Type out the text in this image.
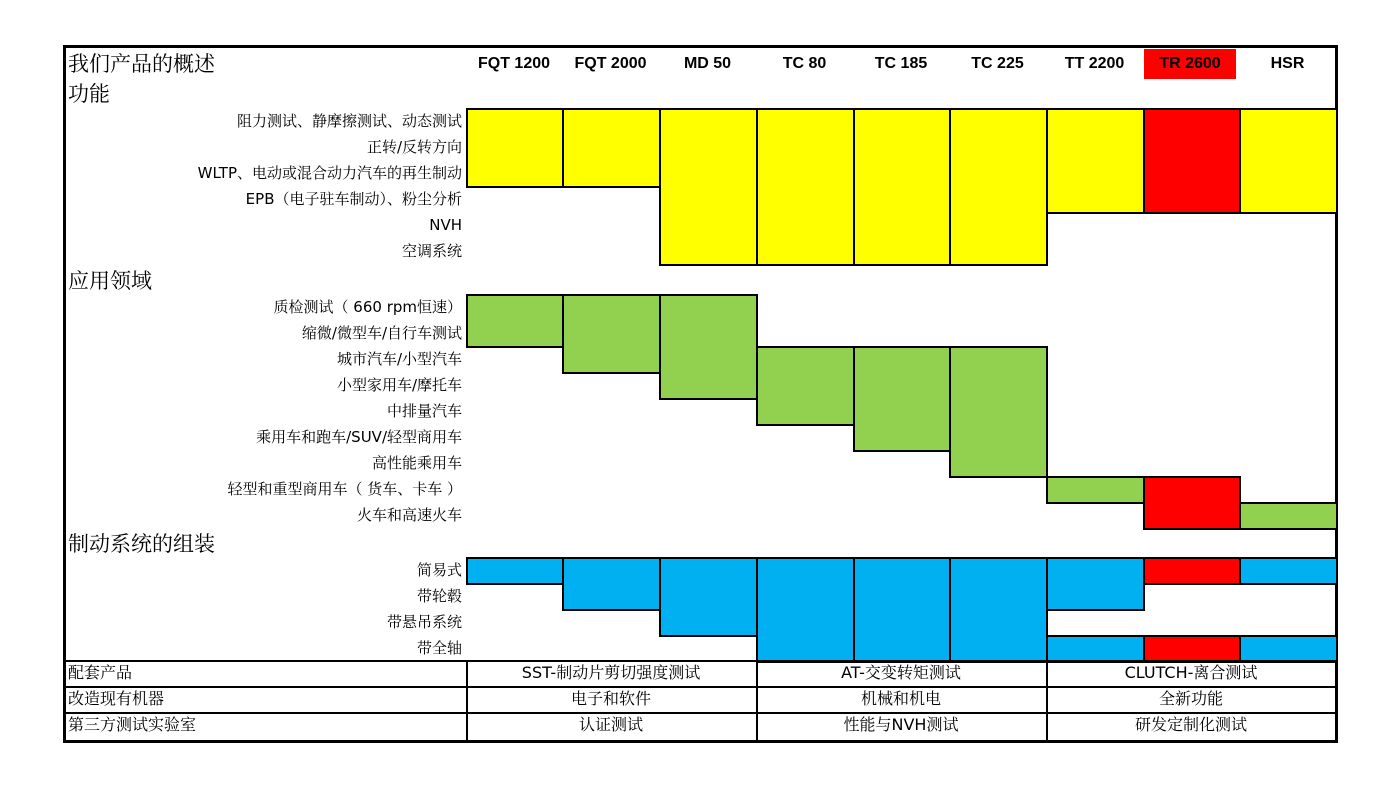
我们产品的概述	FQT 1200	FQT 2000	MD 50	TC 80	TC 185	TC 225	TT 2200	TR 2600	HSR
功能
阻力测试、静摩擦测试、动态测试
正转/反转方向
WLTP、电动或混合动力汽车的再生制动
EPB（电子驻车制动）、粉尘分析
NVH
空调系统
应用领域
质检测试（ 660 rpm恒速）
缩微/微型车/自行车测试
城市汽车/小型汽车
小型家用车/摩托车
中排量汽车
乘用车和跑车/SUV/轻型商用车
高性能乘用车
轻型和重型商用车（ 货车、卡车 ）
火车和高速火车
制动系统的组装
简易式
带轮毂
带悬吊系统
带全轴
配套产品	SST-制动片剪切强度测试	AT-交变转矩测试	CLUTCH-离合测试
改造现有机器	电子和软件	机械和机电	全新功能
第三方测试实验室	认证测试	性能与NVH测试	研发定制化测试
